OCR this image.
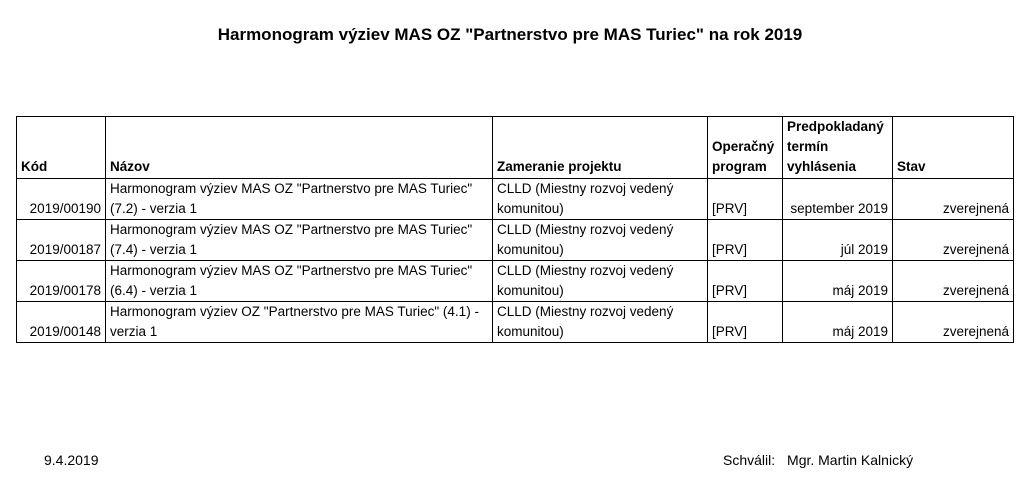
Harmonogram výziev MAS OZ "Partnerstvo pre MAS Turiec" na rok 2019
Kód	Názov	Zameranie projektu	Operačný program	Predpokladaný termín vyhlásenia	Stav
2019/00190	Harmonogram výziev MAS OZ "Partnerstvo pre MAS Turiec" (7.2) - verzia 1	CLLD (Miestny rozvoj vedený komunitou)	[PRV]	september 2019	zverejnená
2019/00187	Harmonogram výziev MAS OZ "Partnerstvo pre MAS Turiec" (7.4) - verzia 1	CLLD (Miestny rozvoj vedený komunitou)	[PRV]	júl 2019	zverejnená
2019/00178	Harmonogram výziev MAS OZ "Partnerstvo pre MAS Turiec" (6.4) - verzia 1	CLLD (Miestny rozvoj vedený komunitou)	[PRV]	máj 2019	zverejnená
2019/00148	Harmonogram výziev OZ "Partnerstvo pre MAS Turiec" (4.1) - verzia 1	CLLD (Miestny rozvoj vedený komunitou)	[PRV]	máj 2019	zverejnená
9.4.2019	Schválil: Mgr. Martin Kalnický
